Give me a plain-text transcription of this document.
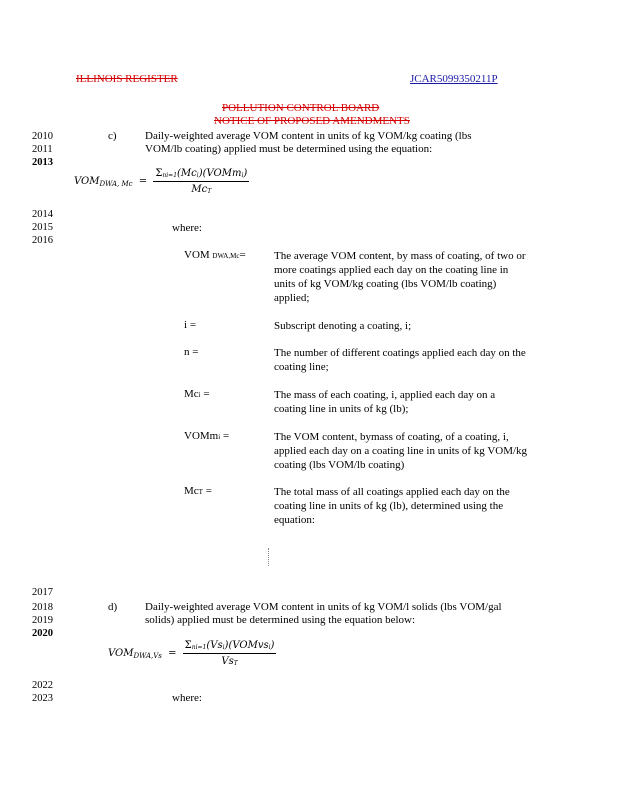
ILLINOIS REGISTER	JCAR5099350211P
POLLUTION CONTROL BOARD
NOTICE OF PROPOSED AMENDMENTS
2010
2011
2013
c)	Daily-weighted average VOM content in units of kg VOM/kg coating (lbs
VOM/lb coating) applied must be determined using the equation:
$VOM_{DWA, Mc} = \frac{\Sigma^n_{i=1}(Mc_i)(VOMm_i)}{Mc_T}$
2014
2015
2016
where:
VOM DWA,Mc=	The average VOM content, by mass of coating, of two or
more coatings applied each day on the coating line in
units of kg VOM/kg coating (lbs VOM/lb coating)
applied;
i =	Subscript denoting a coating, i;
n =	The number of different coatings applied each day on the
coating line;
Mci =	The mass of each coating, i, applied each day on a
coating line in units of kg (lb);
VOMmi =	The VOM content, bymass of coating, of a coating, i,
applied each day on a coating line in units of kg VOM/kg
coating (lbs VOM/lb coating)
McT =	The total mass of all coatings applied each day on the
coating line in units of kg (lb), determined using the
equation:
2017
2018
2019
2020
d)	Daily-weighted average VOM content in units of kg VOM/l solids (lbs VOM/gal
solids) applied must be determined using the equation below:
$VOM_{DWA,Vs} = \frac{\Sigma^n_{i=1}(Vs_i)(VOMvs_i)}{Vs_T}$
2022
2023	where:
